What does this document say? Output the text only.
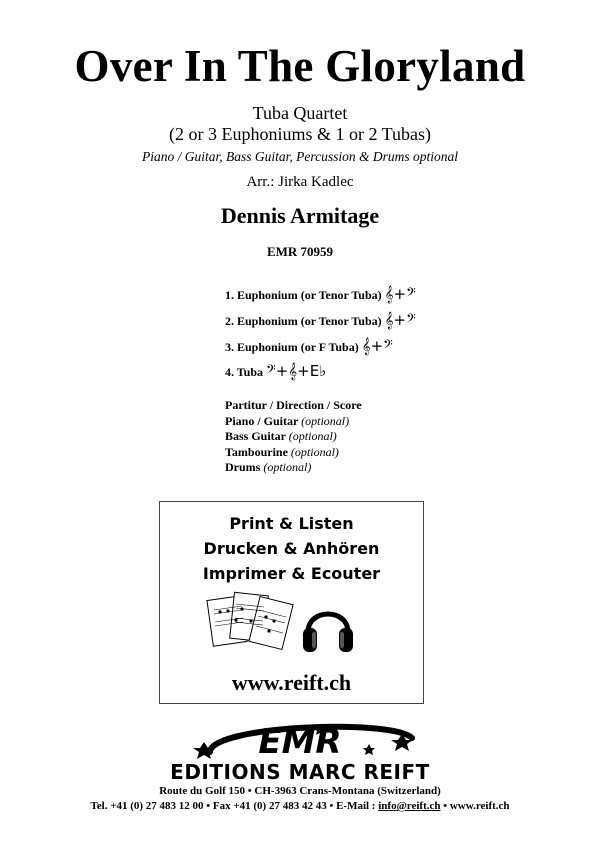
Over In The Gloryland
Tuba Quartet
(2 or 3 Euphoniums & 1 or 2 Tubas)
Piano / Guitar, Bass Guitar, Percussion & Drums optional
Arr.: Jirka Kadlec
Dennis Armitage
EMR 70959
1. Euphonium (or Tenor Tuba) 𝄞+𝄢
2. Euphonium (or Tenor Tuba) 𝄞+𝄢
3. Euphonium (or F Tuba) 𝄞+𝄢
4. Tuba 𝄢+𝄞+E♭
Partitur / Direction / Score
Piano / Guitar (optional)
Bass Guitar (optional)
Tambourine (optional)
Drums (optional)
Print & Listen
Drucken & Anhören
Imprimer & Ecouter
www.reift.ch
EMR
EDITIONS MARC REIFT
Route du Golf 150 • CH-3963 Crans-Montana (Switzerland)
Tel. +41 (0) 27 483 12 00 • Fax +41 (0) 27 483 42 43 • E-Mail : info@reift.ch • www.reift.ch
